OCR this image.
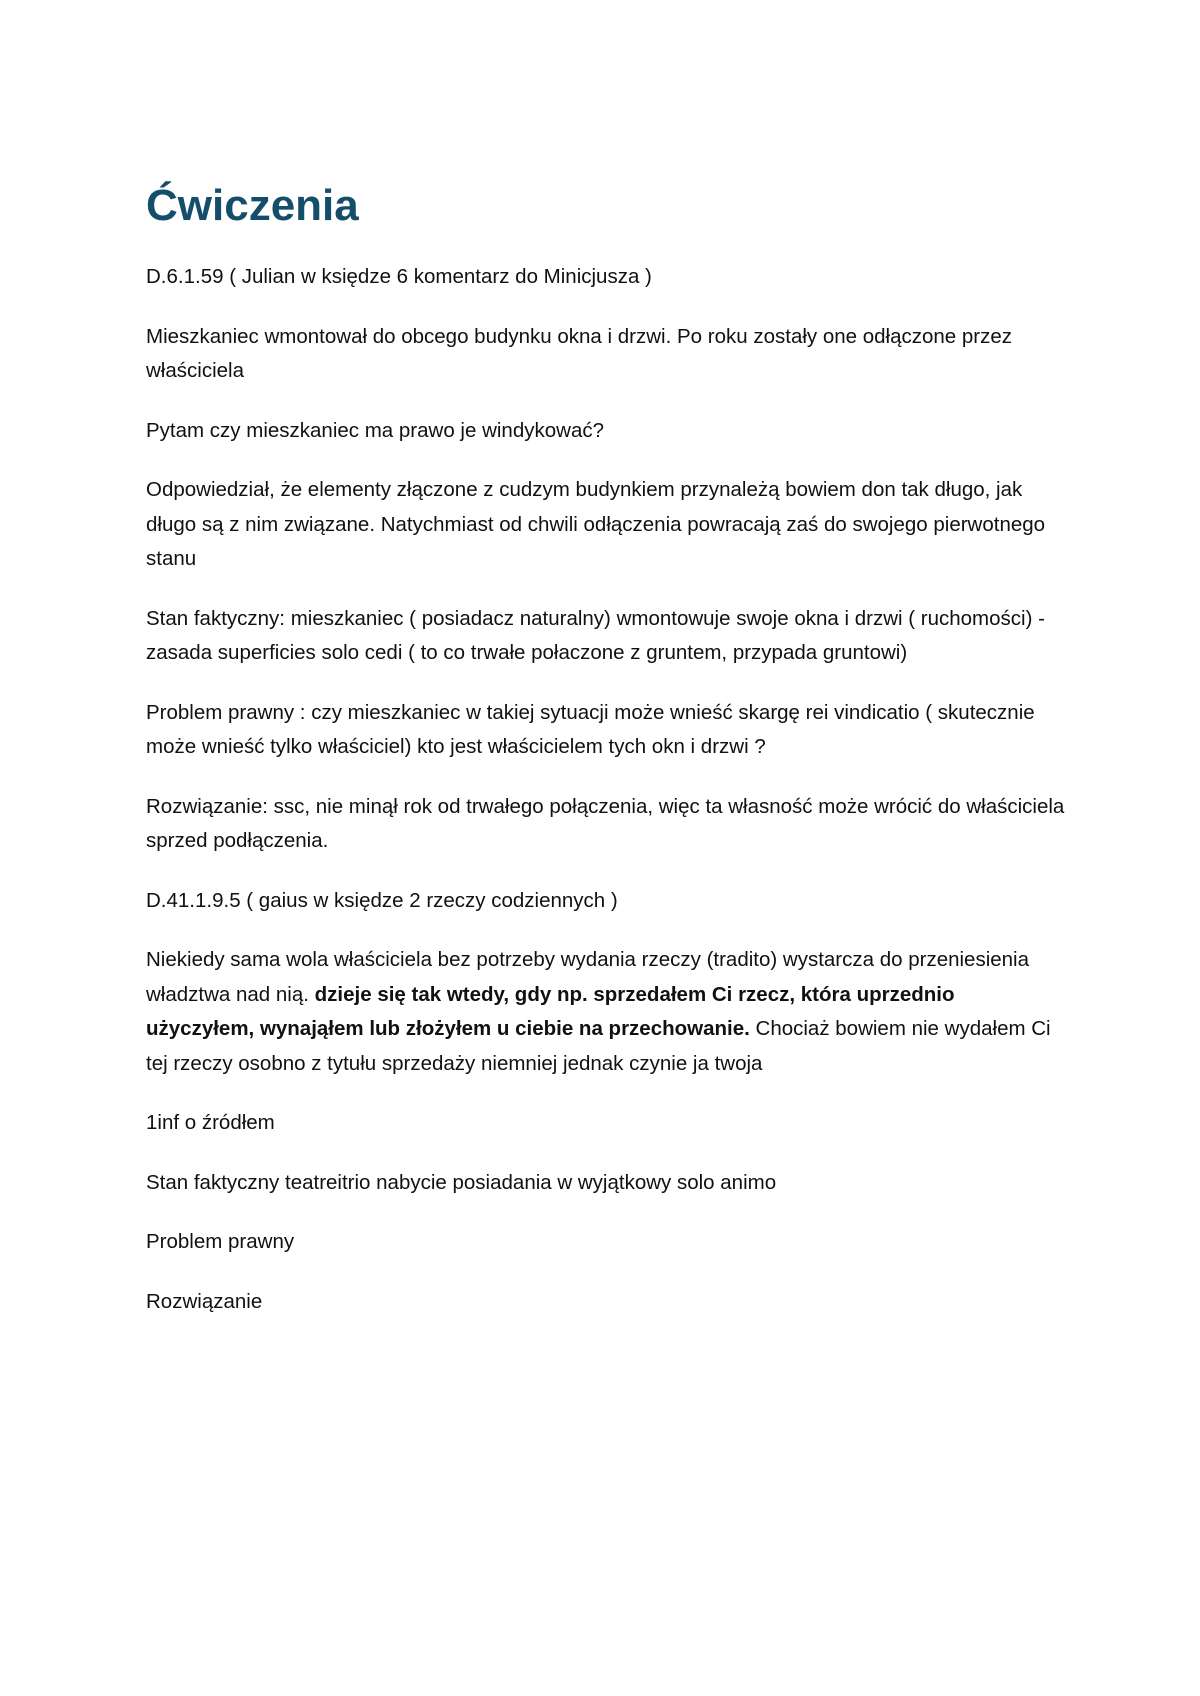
Ćwiczenia

D.6.1.59 ( Julian w księdze 6 komentarz do Minicjusza )

Mieszkaniec wmontował do obcego budynku okna i drzwi. Po roku zostały one odłączone przez właściciela

Pytam czy mieszkaniec ma prawo je windykować?

Odpowiedział, że elementy złączone z cudzym budynkiem przynależą bowiem don tak długo, jak długo są z nim związane. Natychmiast od chwili odłączenia powracają zaś do swojego pierwotnego stanu

Stan faktyczny: mieszkaniec ( posiadacz naturalny) wmontowuje swoje okna i drzwi ( ruchomości) - zasada superficies solo cedi ( to co trwałe połaczone z gruntem, przypada gruntowi)

Problem prawny : czy mieszkaniec w takiej sytuacji może wnieść skargę rei vindicatio ( skutecznie może wnieść tylko właściciel) kto jest właścicielem tych okn i drzwi ?

Rozwiązanie: ssc, nie minął rok od trwałego połączenia, więc ta własność może wrócić do właściciela sprzed podłączenia.

D.41.1.9.5 ( gaius w księdze 2 rzeczy codziennych )

Niekiedy sama wola właściciela bez potrzeby wydania rzeczy (tradito) wystarcza do przeniesienia władztwa nad nią. dzieje się tak wtedy, gdy np. sprzedałem Ci rzecz, która uprzednio użyczyłem, wynająłem lub złożyłem u ciebie na przechowanie. Chociaż bowiem nie wydałem Ci tej rzeczy osobno z tytułu sprzedaży niemniej jednak czynie ja twoja

1inf o źródłem

Stan faktyczny teatreitrio nabycie posiadania w wyjątkowy solo animo

Problem prawny

Rozwiązanie
